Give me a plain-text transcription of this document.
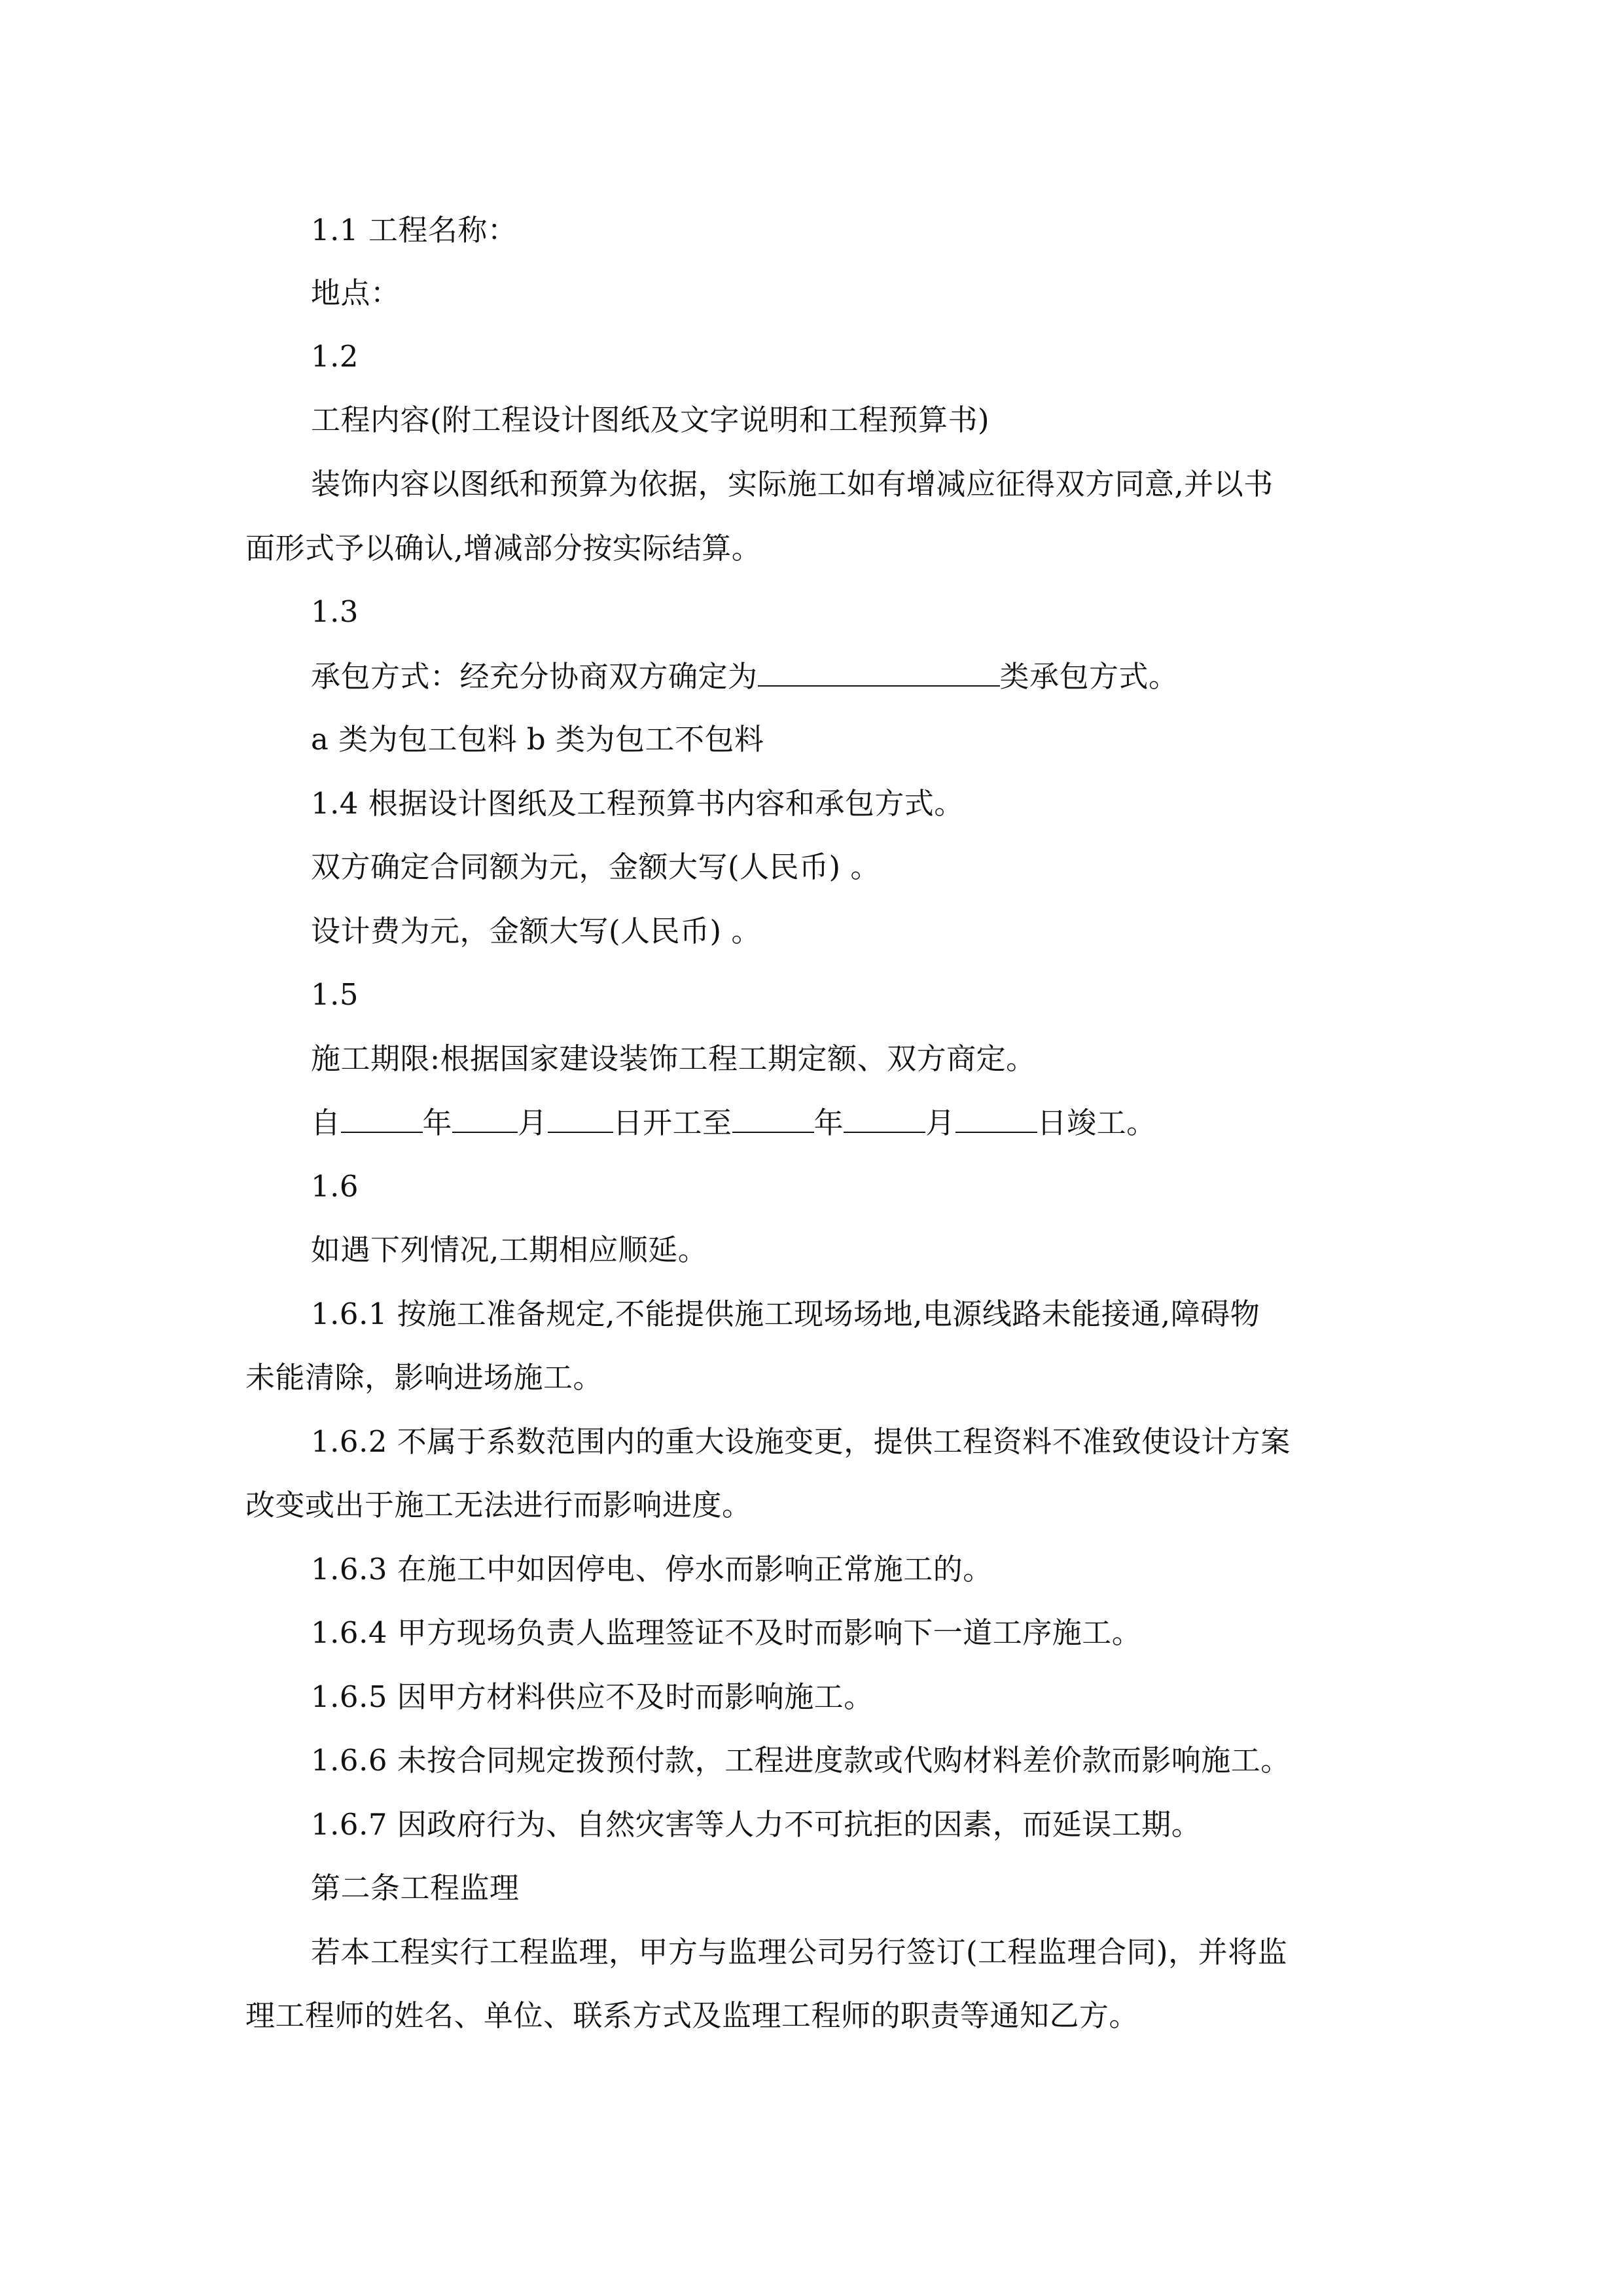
1.1 工程名称：
地点：
1.2
工程内容(附工程设计图纸及文字说明和工程预算书)
装饰内容以图纸和预算为依据，实际施工如有增减应征得双方同意,并以书
面形式予以确认,增减部分按实际结算。
1.3
承包方式：经充分协商双方确定为	类承包方式。
a 类为包工包料 b 类为包工不包料
1.4 根据设计图纸及工程预算书内容和承包方式。
双方确定合同额为元，金额大写(人民币) 。
设计费为元，金额大写(人民币) 。
1.5
施工期限:根据国家建设装饰工程工期定额、双方商定。
自	年 月 日开工至	年	月	日竣工。
1.6
如遇下列情况,工期相应顺延。
1.6.1 按施工准备规定,不能提供施工现场场地,电源线路未能接通,障碍物
未能清除，影响进场施工。
1.6.2 不属于系数范围内的重大设施变更，提供工程资料不准致使设计方案
改变或出于施工无法进行而影响进度。
1.6.3 在施工中如因停电、停水而影响正常施工的。
1.6.4 甲方现场负责人监理签证不及时而影响下一道工序施工。
1.6.5 因甲方材料供应不及时而影响施工。
1.6.6 未按合同规定拨预付款，工程进度款或代购材料差价款而影响施工。
1.6.7 因政府行为、自然灾害等人力不可抗拒的因素，而延误工期。
第二条工程监理
若本工程实行工程监理，甲方与监理公司另行签订(工程监理合同)，并将监
理工程师的姓名、单位、联系方式及监理工程师的职责等通知乙方。
